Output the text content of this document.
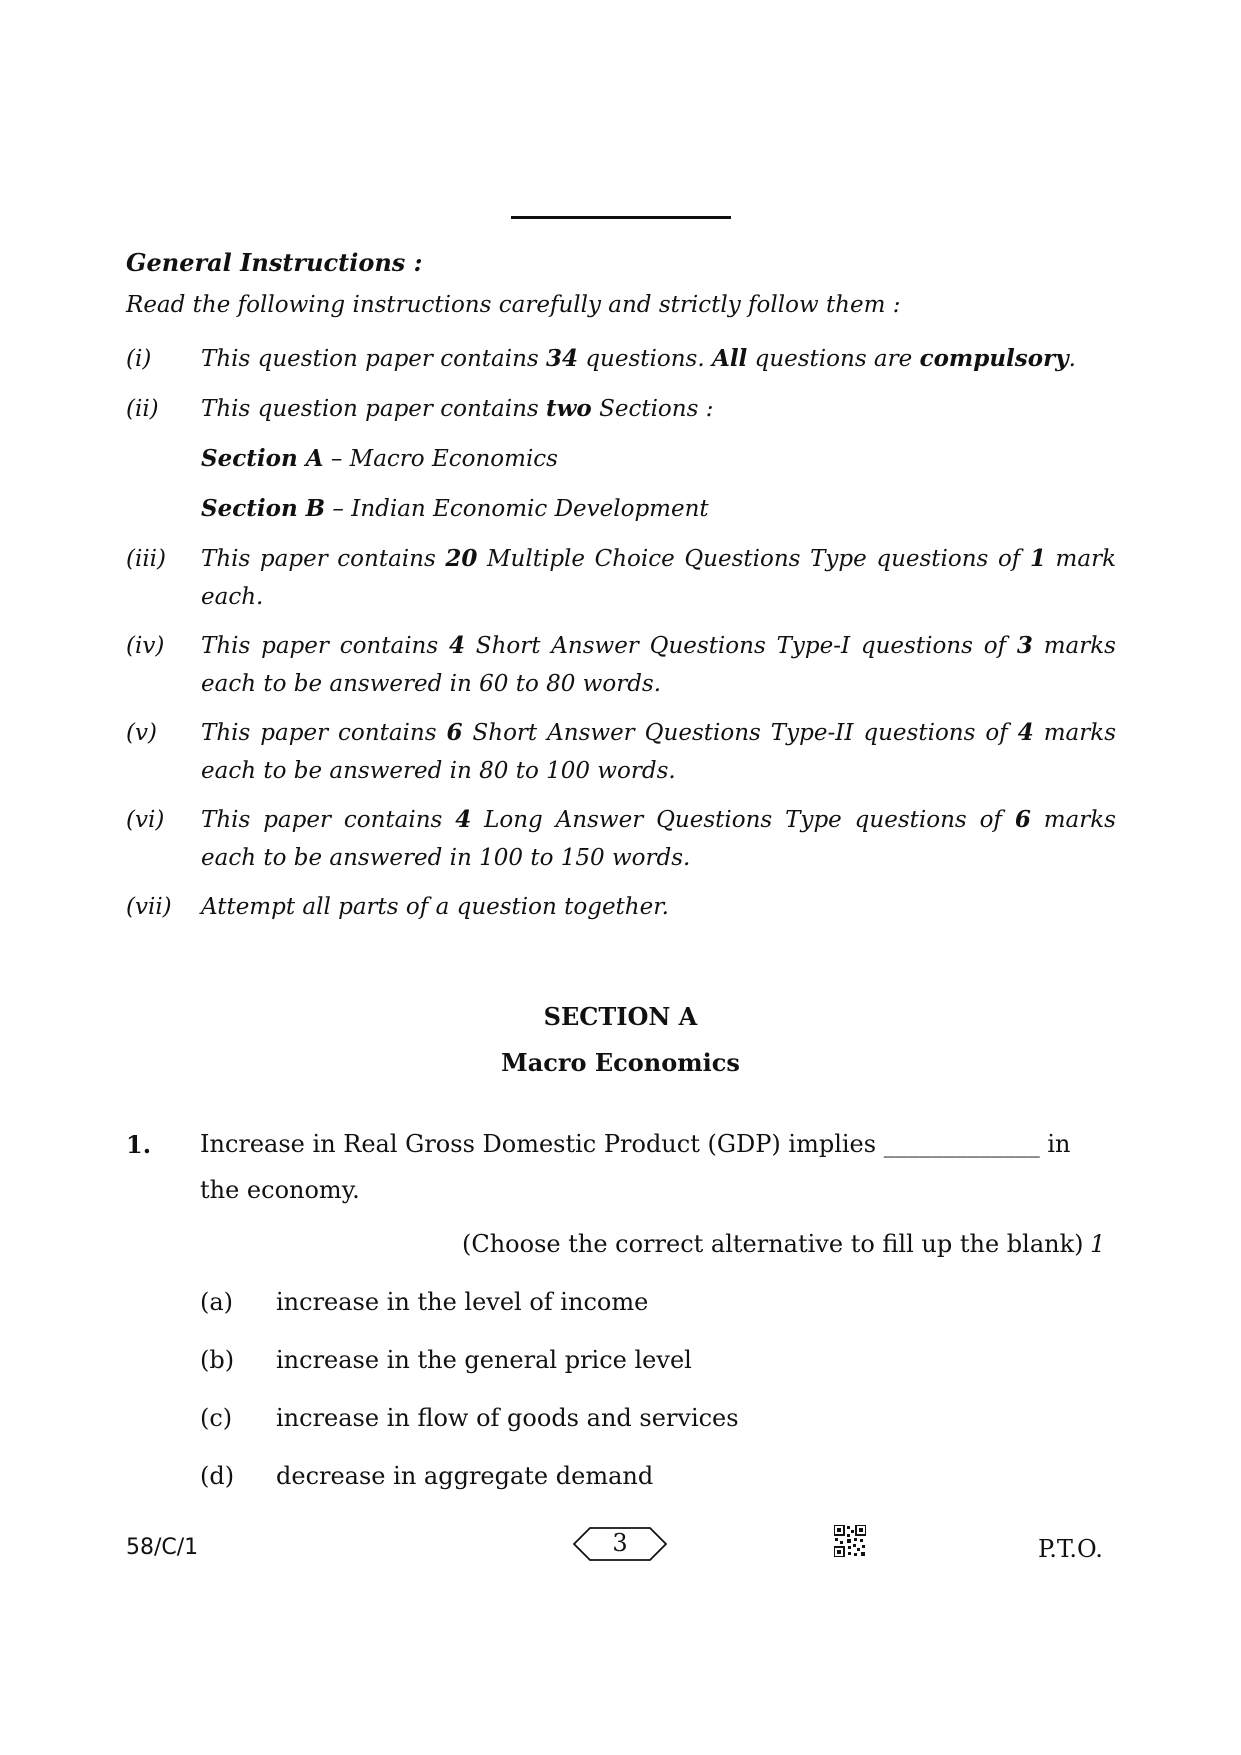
General Instructions :
Read the following instructions carefully and strictly follow them :
(i)	This question paper contains 34 questions. All questions are compulsory.
(ii)	This question paper contains two Sections :
Section A – Macro Economics
Section B – Indian Economic Development
(iii)	This paper contains 20 Multiple Choice Questions Type questions of 1 mark each.
(iv)	This paper contains 4 Short Answer Questions Type-I questions of 3 marks each to be answered in 60 to 80 words.
(v)	This paper contains 6 Short Answer Questions Type-II questions of 4 marks each to be answered in 80 to 100 words.
(vi)	This paper contains 4 Long Answer Questions Type questions of 6 marks each to be answered in 100 to 150 words.
(vii)	Attempt all parts of a question together.
SECTION A
Macro Economics
1. Increase in Real Gross Domestic Product (GDP) implies _____________ in
the economy.
(Choose the correct alternative to fill up the blank) 1
(a) increase in the level of income
(b) increase in the general price level
(c) increase in flow of goods and services
(d) decrease in aggregate demand
58/C/1	3	P.T.O.
